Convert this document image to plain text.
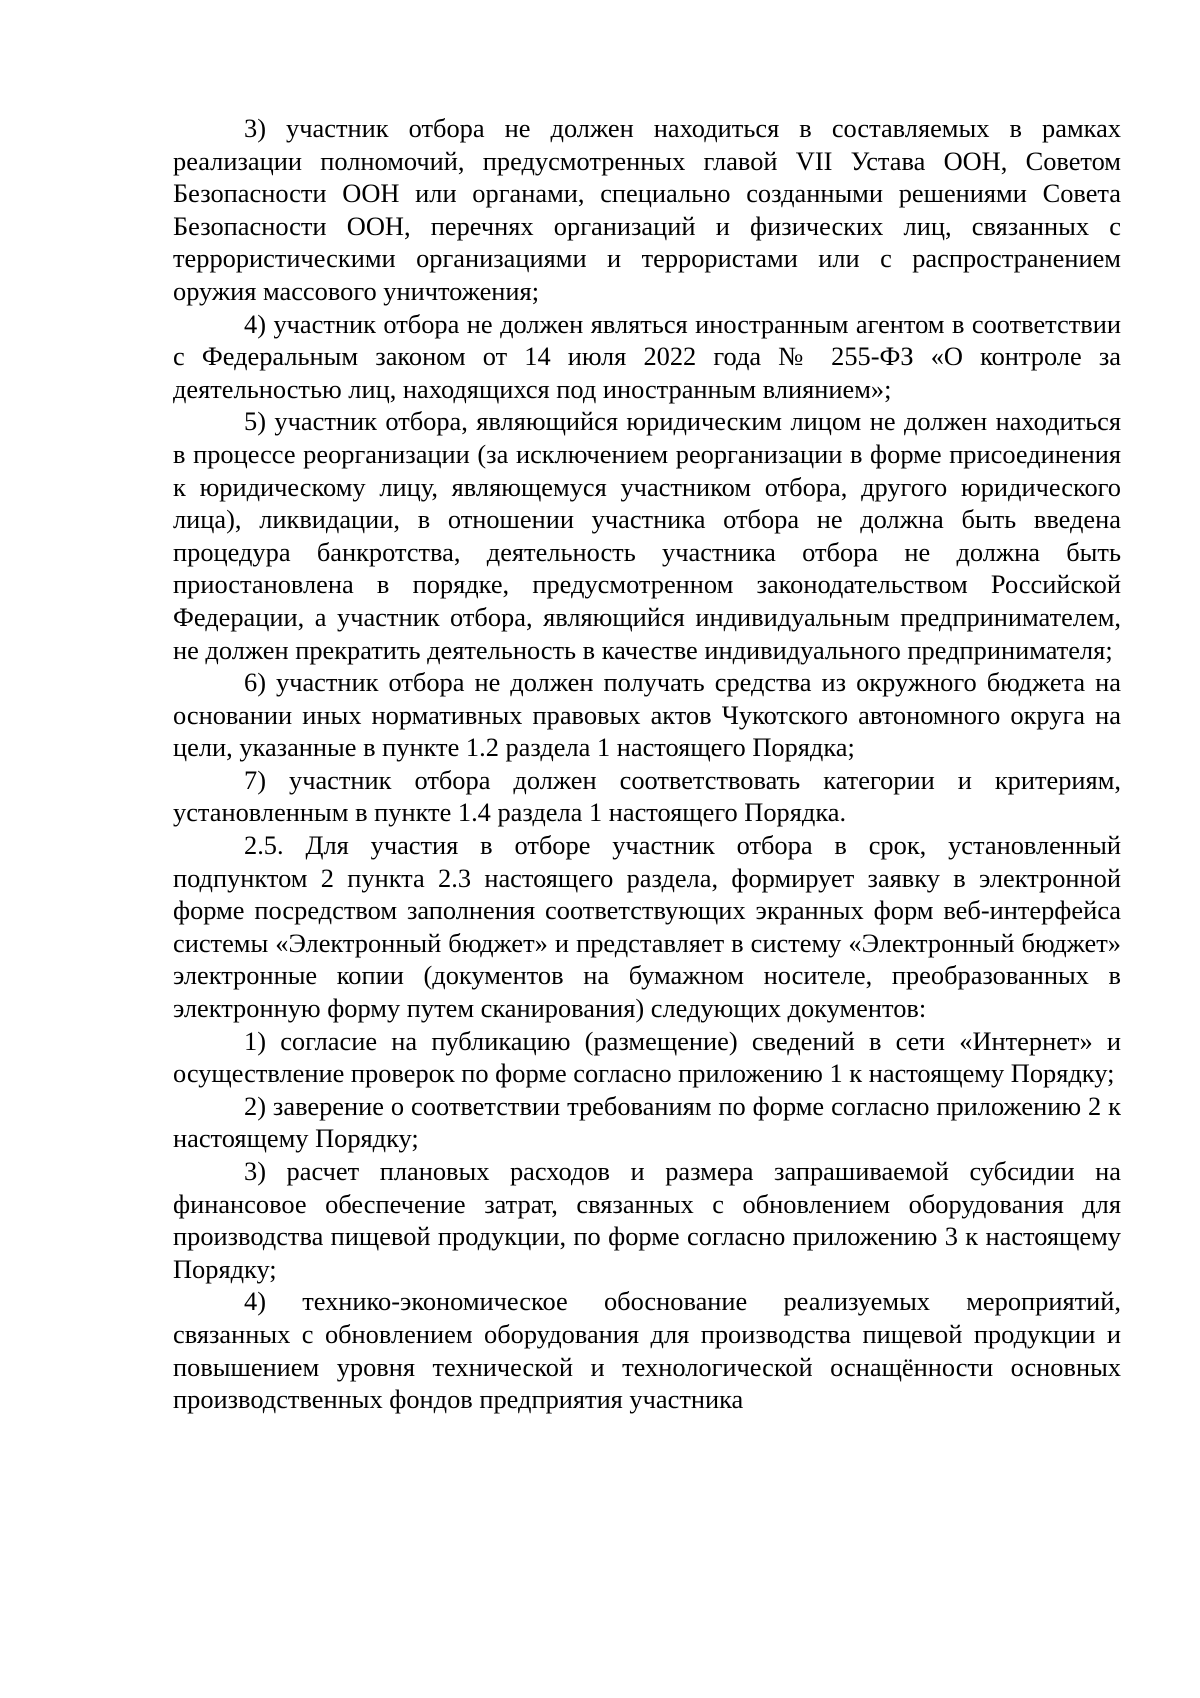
3) участник отбора не должен находиться в составляемых в рамках реализации полномочий, предусмотренных главой VII Устава ООН, Советом Безопасности ООН или органами, специально созданными решениями Совета Безопасности ООН, перечнях организаций и физических лиц, связанных с террористическими организациями и террористами или с распространением оружия массового уничтожения;

4) участник отбора не должен являться иностранным агентом в соответствии с Федеральным законом от 14 июля 2022 года № 255-ФЗ «О контроле за деятельностью лиц, находящихся под иностранным влиянием»;

5) участник отбора, являющийся юридическим лицом не должен находиться в процессе реорганизации (за исключением реорганизации в форме присоединения к юридическому лицу, являющемуся участником отбора, другого юридического лица), ликвидации, в отношении участника отбора не должна быть введена процедура банкротства, деятельность участника отбора не должна быть приостановлена в порядке, предусмотренном законодательством Российской Федерации, а участник отбора, являющийся индивидуальным предпринимателем, не должен прекратить деятельность в качестве индивидуального предпринимателя;

6) участник отбора не должен получать средства из окружного бюджета на основании иных нормативных правовых актов Чукотского автономного округа на цели, указанные в пункте 1.2 раздела 1 настоящего Порядка;

7) участник отбора должен соответствовать категории и критериям, установленным в пункте 1.4 раздела 1 настоящего Порядка.

2.5. Для участия в отборе участник отбора в срок, установленный подпунктом 2 пункта 2.3 настоящего раздела, формирует заявку в электронной форме посредством заполнения соответствующих экранных форм веб-интерфейса системы «Электронный бюджет» и представляет в систему «Электронный бюджет» электронные копии (документов на бумажном носителе, преобразованных в электронную форму путем сканирования) следующих документов:

1) согласие на публикацию (размещение) сведений в сети «Интернет» и осуществление проверок по форме согласно приложению 1 к настоящему Порядку;

2) заверение о соответствии требованиям по форме согласно приложению 2 к настоящему Порядку;

3) расчет плановых расходов и размера запрашиваемой субсидии на финансовое обеспечение затрат, связанных с обновлением оборудования для производства пищевой продукции, по форме согласно приложению 3 к настоящему Порядку;

4) технико-экономическое обоснование реализуемых мероприятий, связанных с обновлением оборудования для производства пищевой продукции и повышением уровня технической и технологической оснащённости основных производственных фондов предприятия участника
